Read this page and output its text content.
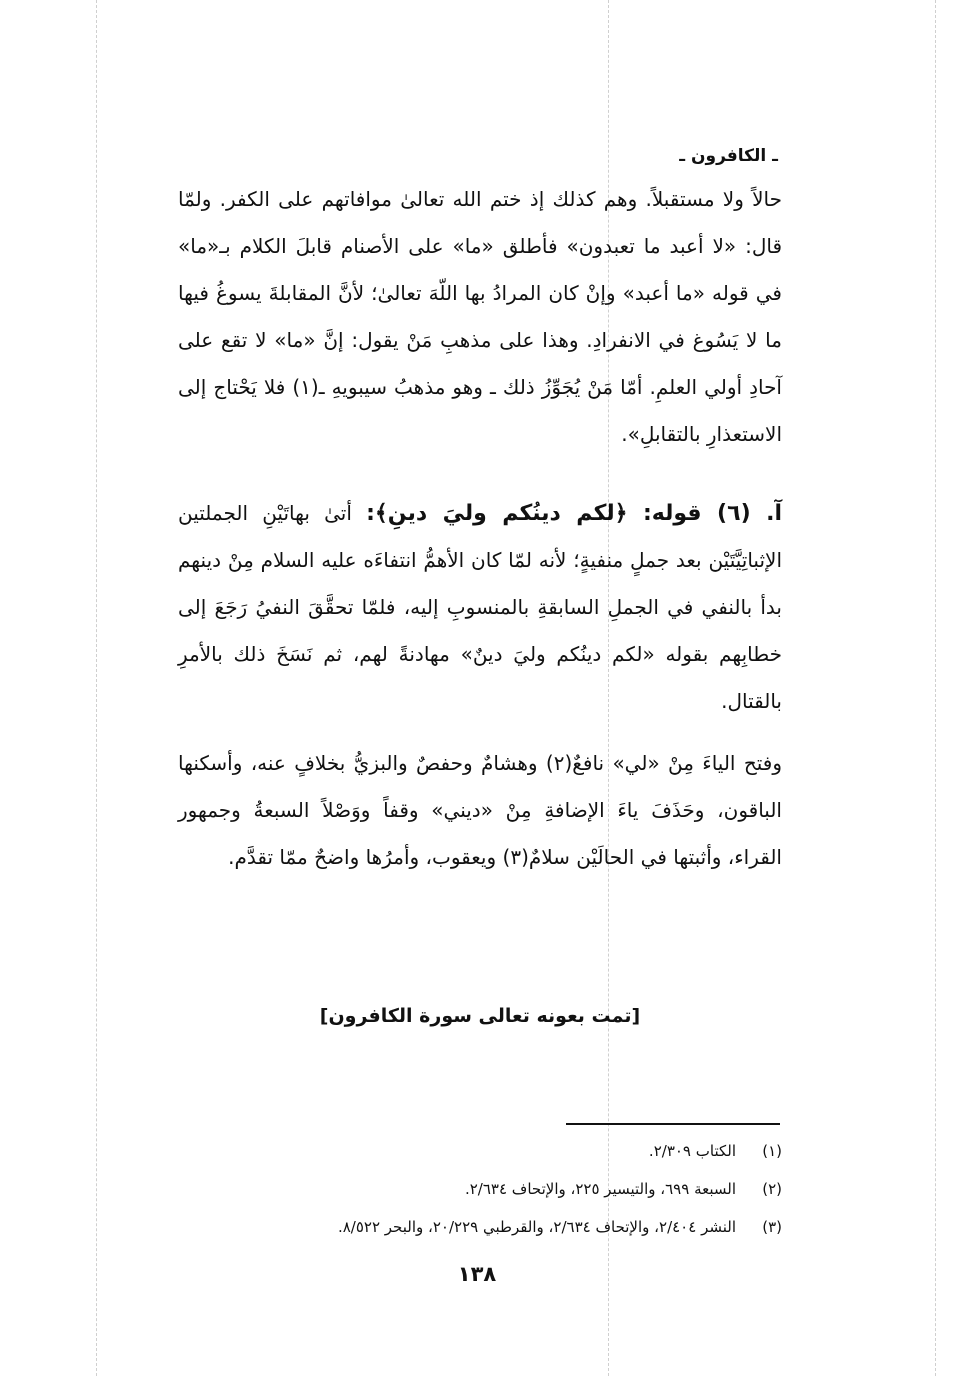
ـ الكافرون ـ

حالاً ولا مستقبلاً. وهم كذلك إذ ختم الله تعالىٰ موافاتهم على الكفر. ولمّا قال: «لا أعبد ما تعبدون» فأطلق «ما» على الأصنام قابلَ الكلام بـ«ما» في قوله «ما أعبد» وإنْ كان المرادُ بها اللّهَ تعالىٰ؛ لأنَّ المقابلةَ يسوغُ فيها ما لا يَسُوغ في الانفرادِ. وهذا على مذهبِ مَنْ يقول: إنَّ «ما» لا تقع على آحادِ أولي العلمِ. أمّا مَنْ يُجَوِّزُ ذلك ـ وهو مذهبُ سيبويهِ ـ(١) فلا يَحْتاج إلى الاستعذارِ بالتقابلِ».

آ. (٦) قوله: ﴿لكم دينُكم وليَ دينِ﴾: أتىٰ بهاتَيْنِ الجملتين الإثباتِيَّتَيْن بعد جملٍ منفيةٍ؛ لأنه لمّا كان الأهمُّ انتفاءَه عليه السلام مِنْ دينهم بدأ بالنفي في الجملِ السابقةِ بالمنسوبِ إليه، فلمّا تحقَّقَ النفيُ رَجَعَ إلى خطابِهم بقوله «لكم دينُكم وليَ دينٌ» مهادنةً لهم، ثم نَسَخَ ذلك بالأمرِ بالقتال.

وفتح الياءَ مِنْ «لي» نافعٌ(٢) وهشامٌ وحفصٌ والبزيُّ بخلافٍ عنه، وأسكنها الباقون، وحَذَفَ ياءَ الإضافةِ مِنْ «ديني» وقفاً ووَصْلاً السبعةُ وجمهور القراء، وأثبتها في الحالَيْن سلامٌ(٣) ويعقوب، وأمرُها واضحٌ ممّا تقدَّم.

[تمت بعونه تعالى سورة الكافرون]
(١)
الكتاب ٢/٣٠٩.
(٢)
السبعة ٦٩٩، والتيسير ٢٢٥، والإتحاف ٢/٦٣٤.
(٣)
النشر ٢/٤٠٤، والإتحاف ٢/٦٣٤، والقرطبي ٢٠/٢٢٩، والبحر ٨/٥٢٢.
١٣٨
